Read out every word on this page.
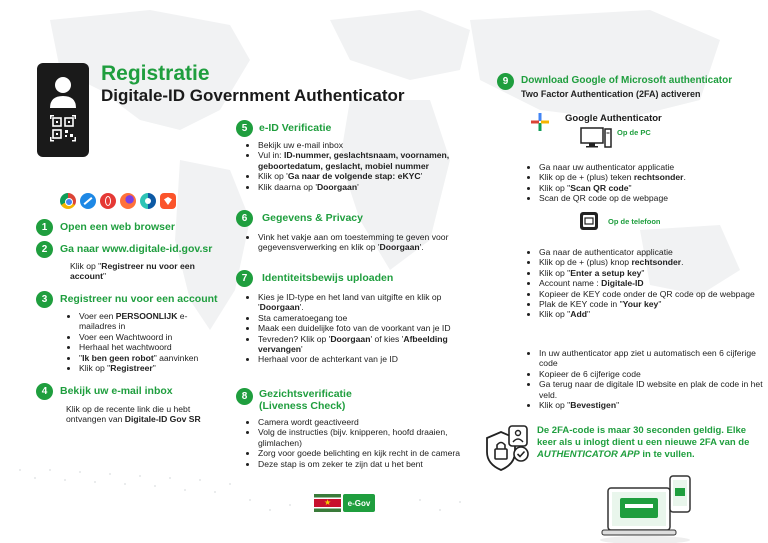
Registratie
Digitale-ID Government Authenticator
1	Open een web browser
2	Ga naar www.digitale-id.gov.sr
Klik op "Registreer nu voor een account"
3	Registreer nu voor een account
• Voer een PERSOONLIJK e-mailadres in
• Voer een Wachtwoord in
• Herhaal het wachtwoord
• "Ik ben geen robot" aanvinken
• Klik op "Registreer"
4	Bekijk uw e-mail inbox
Klik op de recente link die u hebt ontvangen van Digitale-ID Gov SR
5	e-ID Verificatie
• Bekijk uw e-mail inbox
• Vul in: ID-nummer, geslachtsnaam, voornamen, geboortedatum, geslacht, mobiel nummer
• Klik op 'Ga naar de volgende stap: eKYC'
• Klik daarna op 'Doorgaan'
6	Gegevens & Privacy
• Vink het vakje aan om toestemming te geven voor gegevensverwerking en klik op 'Doorgaan'.
7	Identiteitsbewijs uploaden
• Kies je ID-type en het land van uitgifte en klik op 'Doorgaan'.
• Sta cameratoegang toe
• Maak een duidelijke foto van de voorkant van je ID
• Tevreden? Klik op 'Doorgaan' of kies 'Afbeelding vervangen'
• Herhaal voor de achterkant van je ID
8	Gezichtsverificatie
(Liveness Check)
• Camera wordt geactiveerd
• Volg de instructies (bijv. knipperen, hoofd draaien, glimlachen)
• Zorg voor goede belichting en kijk recht in de camera
• Deze stap is om zeker te zijn dat u het bent
★ e-Gov
9	Download Google of Microsoft authenticator
Two Factor Authentication (2FA) activeren
Google Authenticator
Op de PC
• Ga naar uw authenticator applicatie
• Klik op de + (plus) teken rechtsonder.
• Klik op "Scan QR code"
• Scan de QR code op de webpage
Op de telefoon
• Ga naar de authenticator applicatie
• Klik op de + (plus) knop rechtsonder.
• Klik op "Enter a setup key"
• Account name : Digitale-ID
• Kopieer de KEY code onder de QR code op de webpage
• Plak de KEY code in "Your key"
• Klik op "Add"
• In uw authenticator app ziet u automatisch een 6 cijferige code
• Kopieer de 6 cijferige code
• Ga terug naar de digitale ID website en plak de code in het veld.
• Klik op "Bevestigen"
De 2FA-code is maar 30 seconden geldig. Elke keer als u inlogt dient u een nieuwe 2FA van de AUTHENTICATOR APP in te vullen.
